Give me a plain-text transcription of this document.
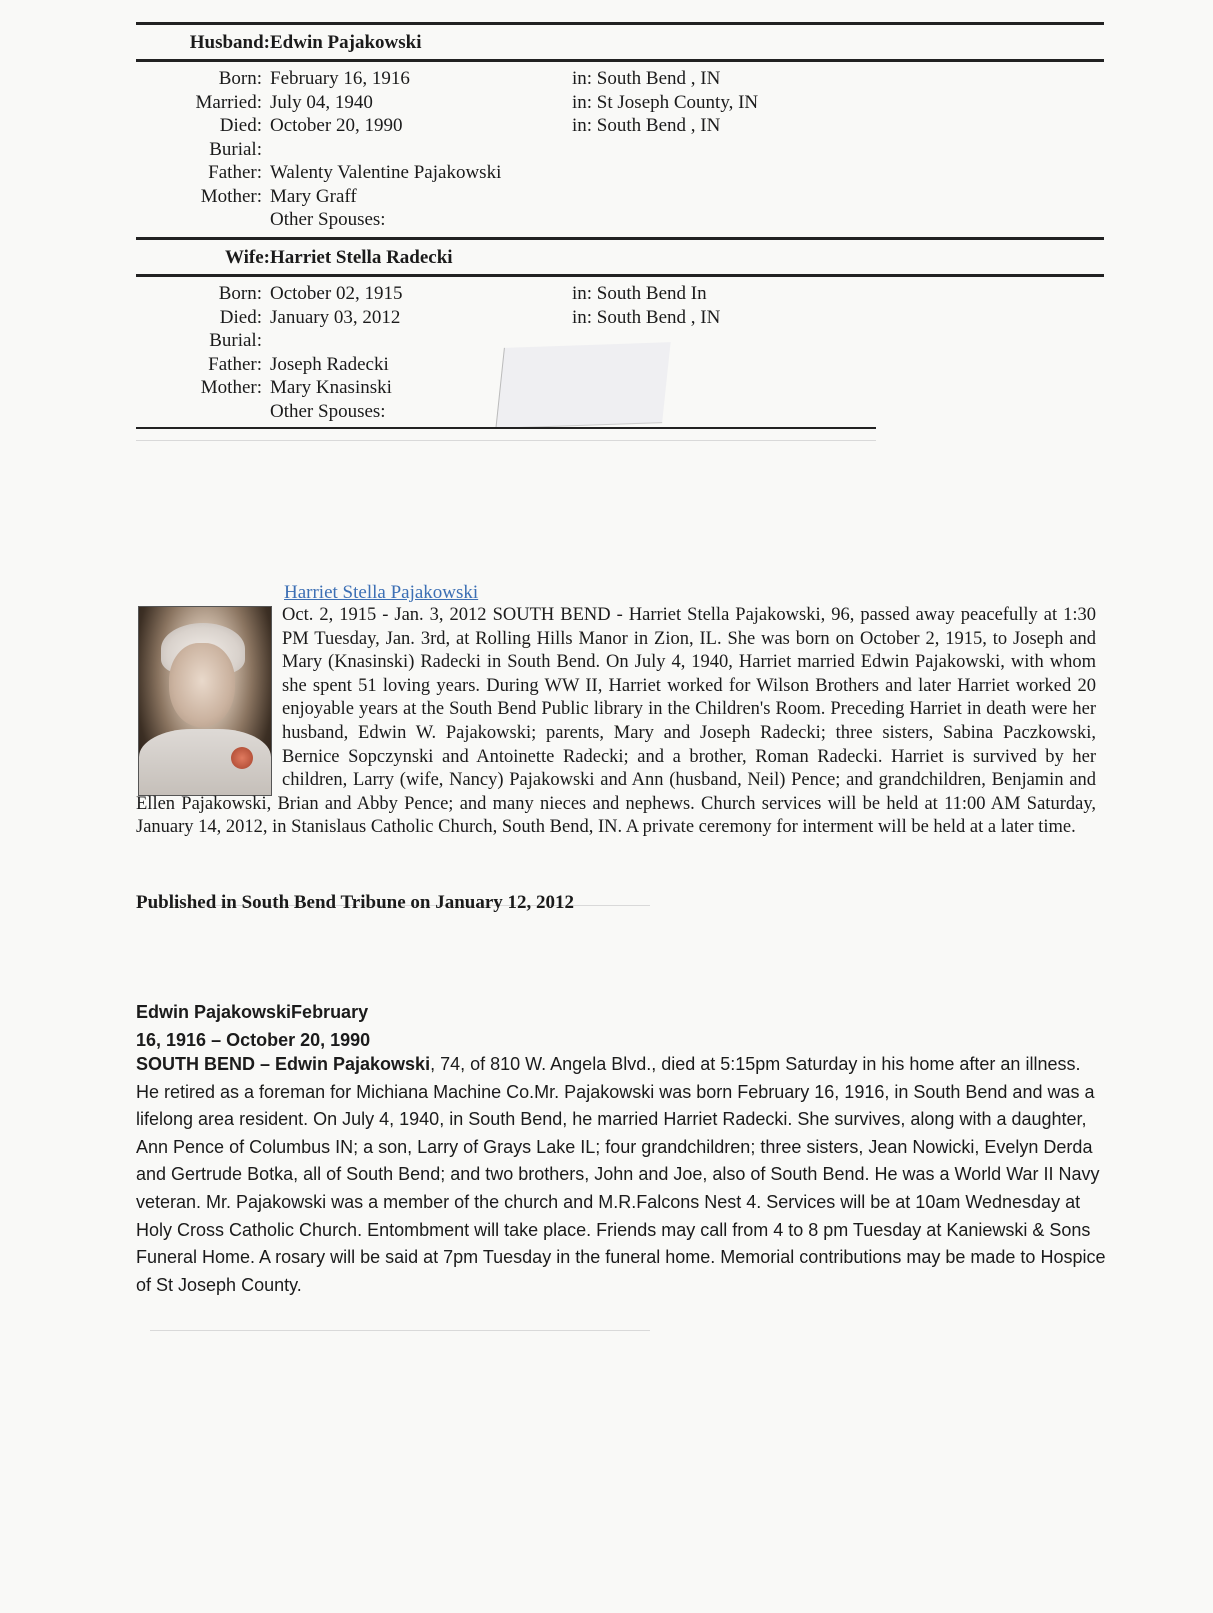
Husband: Edwin Pajakowski
Born: February 16, 1916	in: South Bend , IN
Married: July 04, 1940	in: St Joseph County, IN
Died: October 20, 1990	in: South Bend , IN
Burial:
Father: Walenty Valentine Pajakowski
Mother: Mary Graff
Other Spouses:
Wife: Harriet Stella Radecki
Born: October 02, 1915	in: South Bend In
Died: January 03, 2012	in: South Bend , IN
Burial:
Father: Joseph Radecki
Mother: Mary Knasinski
Other Spouses:
Harriet Stella Pajakowski
Oct. 2, 1915 - Jan. 3, 2012 SOUTH BEND - Harriet Stella Pajakowski, 96, passed away peacefully at 1:30 PM Tuesday, Jan. 3rd, at Rolling Hills Manor in Zion, IL. She was born on October 2, 1915, to Joseph and Mary (Knasinski) Radecki in South Bend. On July 4, 1940, Harriet married Edwin Pajakowski, with whom she spent 51 loving years. During WW II, Harriet worked for Wilson Brothers and later Harriet worked 20 enjoyable years at the South Bend Public library in the Children's Room. Preceding Harriet in death were her husband, Edwin W. Pajakowski; parents, Mary and Joseph Radecki; three sisters, Sabina Paczkowski, Bernice Sopczynski and Antoinette Radecki; and a brother, Roman Radecki. Harriet is survived by her children, Larry (wife, Nancy) Pajakowski and Ann (husband, Neil) Pence; and grandchildren, Benjamin and Ellen Pajakowski, Brian and Abby Pence; and many nieces and nephews. Church services will be held at 11:00 AM Saturday, January 14, 2012, in Stanislaus Catholic Church, South Bend, IN. A private ceremony for interment will be held at a later time.
Published in South Bend Tribune on January 12, 2012
Edwin PajakowskiFebruary
16, 1916 – October 20, 1990
SOUTH BEND – Edwin Pajakowski, 74, of 810 W. Angela Blvd., died at 5:15pm Saturday in his home after an illness. He retired as a foreman for Michiana Machine Co.Mr. Pajakowski was born February 16, 1916, in South Bend and was a lifelong area resident. On July 4, 1940, in South Bend, he married Harriet Radecki. She survives, along with a daughter, Ann Pence of Columbus IN; a son, Larry of Grays Lake IL; four grandchildren; three sisters, Jean Nowicki, Evelyn Derda and Gertrude Botka, all of South Bend; and two brothers, John and Joe, also of South Bend. He was a World War II Navy veteran. Mr. Pajakowski was a member of the church and M.R.Falcons Nest 4. Services will be at 10am Wednesday at Holy Cross Catholic Church. Entombment will take place. Friends may call from 4 to 8 pm Tuesday at Kaniewski & Sons Funeral Home. A rosary will be said at 7pm Tuesday in the funeral home. Memorial contributions may be made to Hospice of St Joseph County.
